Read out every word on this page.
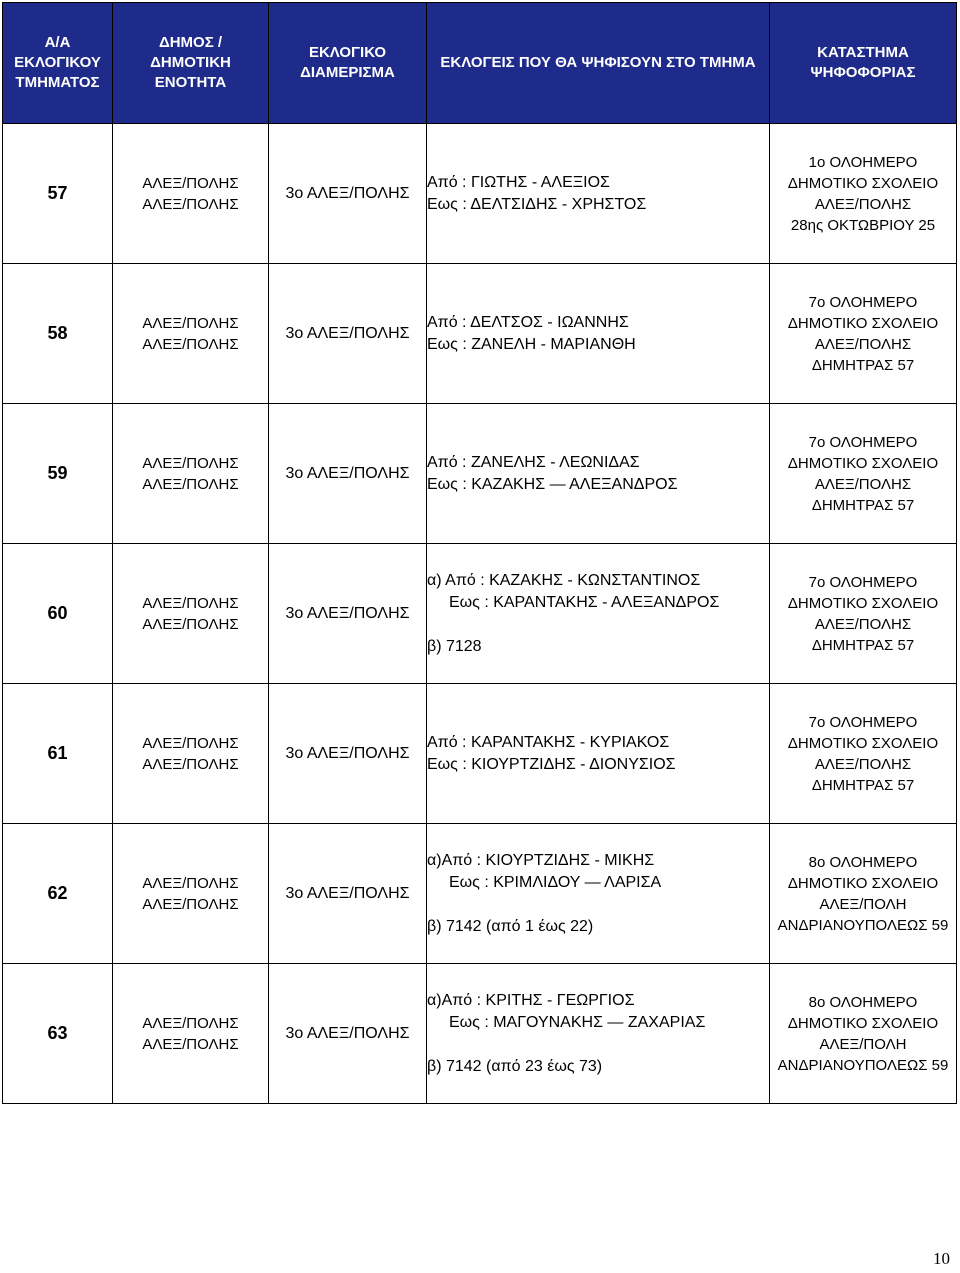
Α/Α
ΕΚΛΟΓΙΚΟΥ
ΤΜΗΜΑΤΟΣ	ΔΗΜΟΣ /
ΔΗΜΟΤΙΚΗ
ΕΝΟΤΗΤΑ	ΕΚΛΟΓΙΚΟ
ΔΙΑΜΕΡΙΣΜΑ	ΕΚΛΟΓΕΙΣ ΠΟΥ ΘΑ ΨΗΦΙΣΟΥΝ ΣΤΟ ΤΜΗΜΑ	ΚΑΤΑΣΤΗΜΑ
ΨΗΦΟΦΟΡΙΑΣ

57	ΑΛΕΞ/ΠΟΛΗΣ
ΑΛΕΞ/ΠΟΛΗΣ	3ο ΑΛΕΞ/ΠΟΛΗΣ	Από : ΓΙΩΤΗΣ - ΑΛΕΞΙΟΣ
Εως : ΔΕΛΤΣΙΔΗΣ - ΧΡΗΣΤΟΣ	1ο ΟΛΟΗΜΕΡΟ
ΔΗΜΟΤΙΚΟ ΣΧΟΛΕΙΟ
ΑΛΕΞ/ΠΟΛΗΣ
28ης ΟΚΤΩΒΡΙΟΥ 25

58	ΑΛΕΞ/ΠΟΛΗΣ
ΑΛΕΞ/ΠΟΛΗΣ	3ο ΑΛΕΞ/ΠΟΛΗΣ	Από : ΔΕΛΤΣΟΣ - ΙΩΑΝΝΗΣ
Εως : ΖΑΝΕΛΗ - ΜΑΡΙΑΝΘΗ	7ο ΟΛΟΗΜΕΡΟ
ΔΗΜΟΤΙΚΟ ΣΧΟΛΕΙΟ
ΑΛΕΞ/ΠΟΛΗΣ
ΔΗΜΗΤΡΑΣ 57

59	ΑΛΕΞ/ΠΟΛΗΣ
ΑΛΕΞ/ΠΟΛΗΣ	3ο ΑΛΕΞ/ΠΟΛΗΣ	Από : ΖΑΝΕΛΗΣ - ΛΕΩΝΙΔΑΣ
Εως : ΚΑΖΑΚΗΣ — ΑΛΕΞΑΝΔΡΟΣ	7ο ΟΛΟΗΜΕΡΟ
ΔΗΜΟΤΙΚΟ ΣΧΟΛΕΙΟ
ΑΛΕΞ/ΠΟΛΗΣ
ΔΗΜΗΤΡΑΣ 57

60	ΑΛΕΞ/ΠΟΛΗΣ
ΑΛΕΞ/ΠΟΛΗΣ	3ο ΑΛΕΞ/ΠΟΛΗΣ	α) Από : ΚΑΖΑΚΗΣ - ΚΩΝΣΤΑΝΤΙΝΟΣ
Εως : ΚΑΡΑΝΤΑΚΗΣ - ΑΛΕΞΑΝΔΡΟΣ
β) 7128	7ο ΟΛΟΗΜΕΡΟ
ΔΗΜΟΤΙΚΟ ΣΧΟΛΕΙΟ
ΑΛΕΞ/ΠΟΛΗΣ
ΔΗΜΗΤΡΑΣ 57

61	ΑΛΕΞ/ΠΟΛΗΣ
ΑΛΕΞ/ΠΟΛΗΣ	3ο ΑΛΕΞ/ΠΟΛΗΣ	Από : ΚΑΡΑΝΤΑΚΗΣ - ΚΥΡΙΑΚΟΣ
Εως : ΚΙΟΥΡΤΖΙΔΗΣ - ΔΙΟΝΥΣΙΟΣ	7ο ΟΛΟΗΜΕΡΟ
ΔΗΜΟΤΙΚΟ ΣΧΟΛΕΙΟ
ΑΛΕΞ/ΠΟΛΗΣ
ΔΗΜΗΤΡΑΣ 57

62	ΑΛΕΞ/ΠΟΛΗΣ
ΑΛΕΞ/ΠΟΛΗΣ	3ο ΑΛΕΞ/ΠΟΛΗΣ	α)Από : ΚΙΟΥΡΤΖΙΔΗΣ - ΜΙΚΗΣ
Εως : ΚΡΙΜΛΙΔΟΥ — ΛΑΡΙΣΑ
β) 7142 (από 1 έως 22)	8ο ΟΛΟΗΜΕΡΟ
ΔΗΜΟΤΙΚΟ ΣΧΟΛΕΙΟ
ΑΛΕΞ/ΠΟΛΗ
ΑΝΔΡΙΑΝΟΥΠΟΛΕΩΣ 59

63	ΑΛΕΞ/ΠΟΛΗΣ
ΑΛΕΞ/ΠΟΛΗΣ	3ο ΑΛΕΞ/ΠΟΛΗΣ	α)Από : ΚΡΙΤΗΣ - ΓΕΩΡΓΙΟΣ
Εως : ΜΑΓΟΥΝΑΚΗΣ — ΖΑΧΑΡΙΑΣ
β) 7142 (από 23 έως 73)	8ο ΟΛΟΗΜΕΡΟ
ΔΗΜΟΤΙΚΟ ΣΧΟΛΕΙΟ
ΑΛΕΞ/ΠΟΛΗ
ΑΝΔΡΙΑΝΟΥΠΟΛΕΩΣ 59
10
